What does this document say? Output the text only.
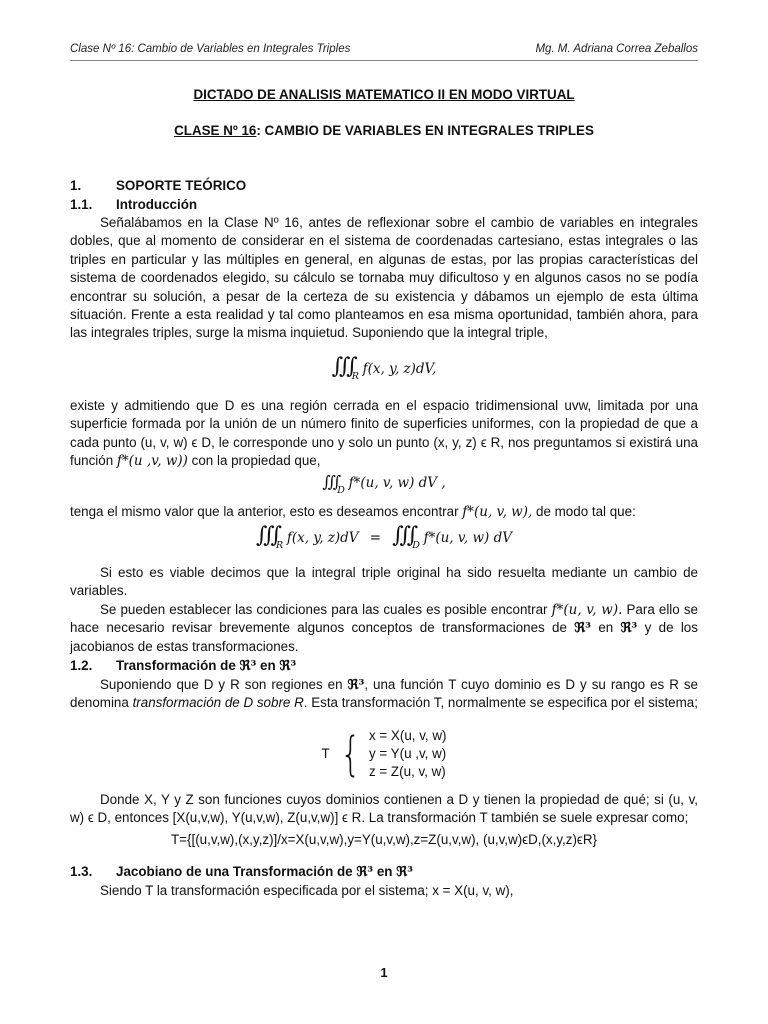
Clase Nº 16: Cambio de Variables en Integrales Triples	Mg. M. Adriana Correa Zeballos
DICTADO DE ANALISIS MATEMATICO II EN MODO VIRTUAL
CLASE Nº 16: CAMBIO DE VARIABLES EN INTEGRALES TRIPLES
1.	SOPORTE TEÓRICO
1.1. Introducción

Señalábamos en la Clase Nº 16, antes de reflexionar sobre el cambio de variables en integrales dobles, que al momento de considerar en el sistema de coordenadas cartesiano, estas integrales o las triples en particular y las múltiples en general, en algunas de estas, por las propias características del sistema de coordenados elegido, su cálculo se tornaba muy dificultoso y en algunos casos no se podía encontrar su solución, a pesar de la certeza de su existencia y dábamos un ejemplo de esta última situación. Frente a esta realidad y tal como planteamos en esa misma oportunidad, también ahora, para las integrales triples, surge la misma inquietud. Suponiendo que la integral triple,

$∭_R$ f(x, y, z)dV,

existe y admitiendo que D es una región cerrada en el espacio tridimensional uvw, limitada por una superficie formada por la unión de un número finito de superficies uniformes, con la propiedad de que a cada punto (u, v, w) ϵ D, le corresponde uno y solo un punto (x, y, z) ϵ R, nos preguntamos si existirá una función f*(u ,v, w)) con la propiedad que,

$∭_D$ f*(u, v, w) dV ,

tenga el mismo valor que la anterior, esto es deseamos encontrar f*(u, v, w), de modo tal que:

$∭_R$ f(x, y, $z)dV = ∭_D$ f*(u, v, w) dV

Si esto es viable decimos que la integral triple original ha sido resuelta mediante un cambio de variables.

Se pueden establecer las condiciones para las cuales es posible encontrar f*(u, v, w). Para ello se hace necesario revisar brevemente algunos conceptos de transformaciones de ℜ³ en ℜ³ y de los jacobianos de estas transformaciones.

1.2. Transformación de ℜ³ en ℜ³

Suponiendo que D y R son regiones en ℜ³, una función T cuyo dominio es D y su rango es R se denomina transformación de D sobre R. Esta transformación T, normalmente se especifica por el sistema;

T { x = X(u, v, w)
y = Y(u ,v, w)
z = Z(u, v, w)

Donde X, Y y Z son funciones cuyos dominios contienen a D y tienen la propiedad de qué; si (u, v, w) ϵ D, entonces [X(u,v,w), Y(u,v,w), Z(u,v,w)] ϵ R. La transformación T también se suele expresar como;

T={[(u,v,w),(x,y,z)]/x=X(u,v,w),y=Y(u,v,w),z=Z(u,v,w), (u,v,w)ϵD,(x,y,z)ϵR}
1.3. Jacobiano de una Transformación de ℜ³ en ℜ³

Siendo T la transformación especificada por el sistema; x = X(u, v, w),

1
